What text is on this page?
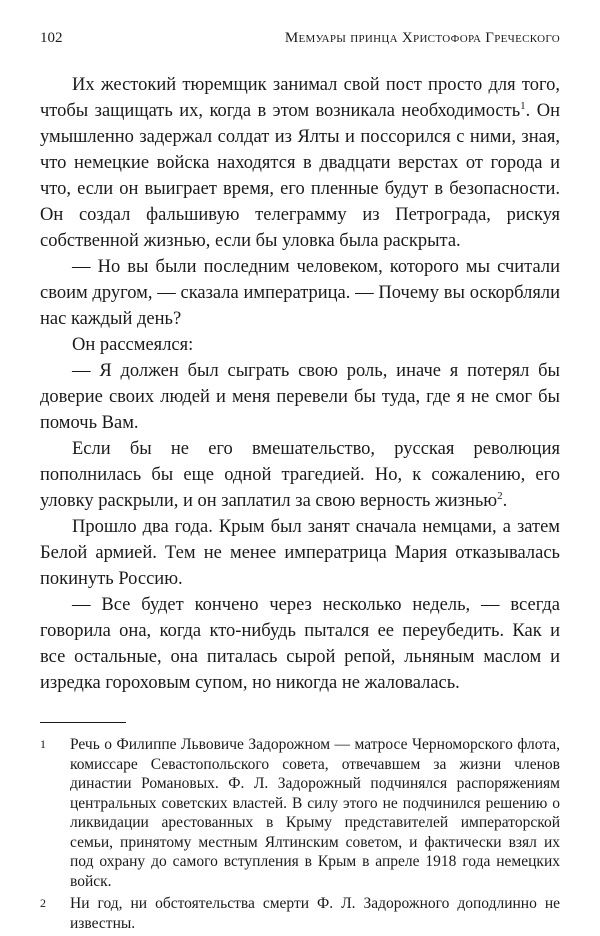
102	Мемуары принца Христофора Греческого

Их жестокий тюремщик занимал свой пост просто для того, чтобы защищать их, когда в этом возникала необходимость$^1$. Он умышленно задержал солдат из Ялты и поссорился с ними, зная, что немецкие войска находятся в двадцати верстах от города и что, если он выиграет время, его пленные будут в безопасности. Он создал фальшивую телеграмму из Петрограда, рискуя собственной жизнью, если бы уловка была раскрыта.

— Но вы были последним человеком, которого мы считали своим другом, — сказала императрица. — Почему вы оскорбляли нас каждый день?

Он рассмеялся:

— Я должен был сыграть свою роль, иначе я потерял бы доверие своих людей и меня перевели бы туда, где я не смог бы помочь Вам.

Если бы не его вмешательство, русская революция пополнилась бы еще одной трагедией. Но, к сожалению, его уловку раскрыли, и он заплатил за свою верность жизнью$^2$.

Прошло два года. Крым был занят сначала немцами, а затем Белой армией. Тем не менее императрица Мария отказывалась покинуть Россию.

— Все будет кончено через несколько недель, — всегда говорила она, когда кто-нибудь пытался ее переубедить. Как и все остальные, она питалась сырой репой, льняным маслом и изредка гороховым супом, но никогда не жаловалась.

1	Речь о Филиппе Львовиче Задорожном — матросе Черноморского флота, комиссаре Севастопольского совета, отвечавшем за жизни членов династии Романовых. Ф. Л. Задорожный подчинялся распоряжениям центральных советских властей. В силу этого не подчинился решению о ликвидации арестованных в Крыму представителей императорской семьи, принятому местным Ялтинским советом, и фактически взял их под охрану до самого вступления в Крым в апреле 1918 года немецких войск.
2	Ни год, ни обстоятельства смерти Ф. Л. Задорожного доподлинно не известны.
